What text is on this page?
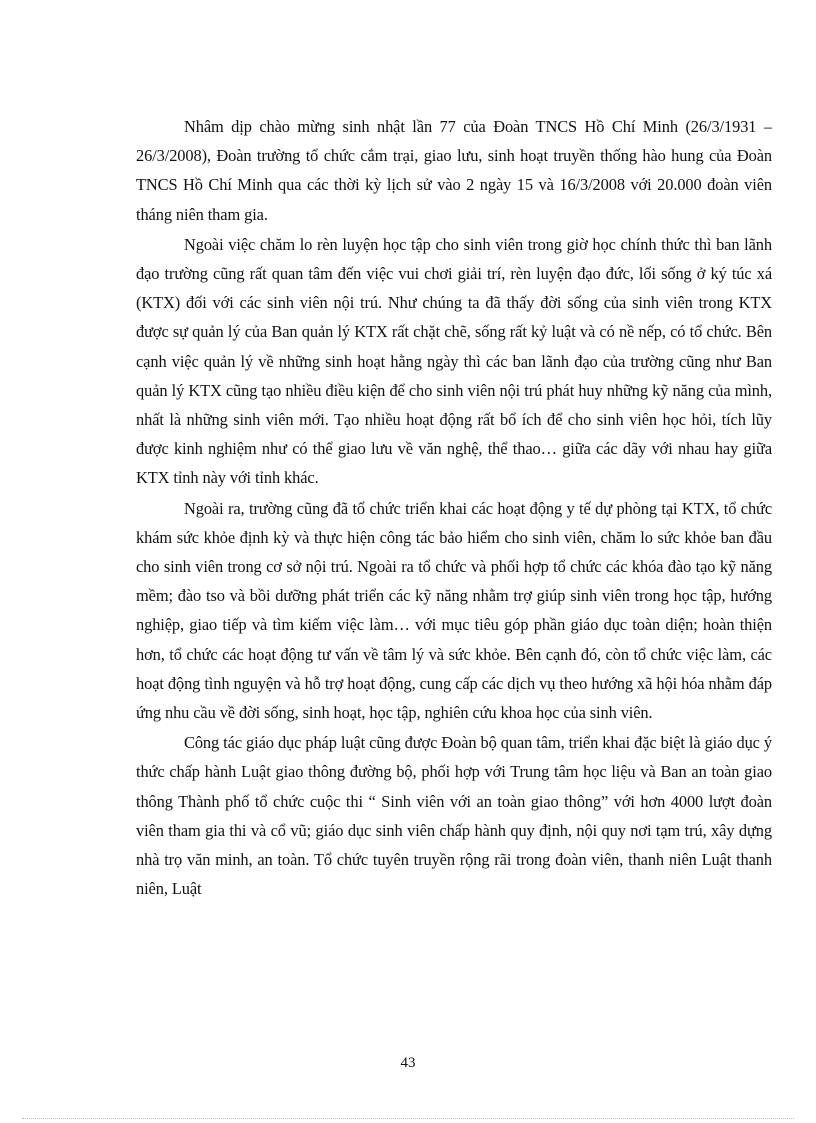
Nhâm dịp chào mừng sinh nhật lần 77 của Đoàn TNCS Hồ Chí Minh (26/3/1931 – 26/3/2008), Đoàn trường tổ chức cắm trại, giao lưu, sinh hoạt truyền thống hào hung của Đoàn TNCS Hồ Chí Minh qua các thời kỳ lịch sử vào 2 ngày 15 và 16/3/2008 với 20.000 đoàn viên tháng niên tham gia.

Ngoài việc chăm lo rèn luyện học tập cho sinh viên trong giờ học chính thức thì ban lãnh đạo trường cũng rất quan tâm đến việc vui chơi giải trí, rèn luyện đạo đức, lối sống ở ký túc xá (KTX) đối với các sinh viên nội trú. Như chúng ta đã thấy đời sống của sinh viên trong KTX được sự quản lý của Ban quản lý KTX rất chặt chẽ, sống rất kỷ luật và có nề nếp, có tổ chức. Bên cạnh việc quản lý về những sinh hoạt hằng ngày thì các ban lãnh đạo của trường cũng như Ban quản lý KTX cũng tạo nhiều điều kiện để cho sinh viên nội trú phát huy những kỹ năng của mình, nhất là những sinh viên mới. Tạo nhiều hoạt động rất bổ ích để cho sinh viên học hỏi, tích lũy được kinh nghiệm như có thể giao lưu về văn nghệ, thể thao… giữa các dãy với nhau hay giữa KTX tỉnh này với tỉnh khác.

Ngoài ra, trường cũng đã tổ chức triển khai các hoạt động y tế dự phòng tại KTX, tổ chức khám sức khỏe định kỳ và thực hiện công tác bảo hiểm cho sinh viên, chăm lo sức khỏe ban đầu cho sinh viên trong cơ sở nội trú. Ngoài ra tổ chức và phối hợp tổ chức các khóa đào tạo kỹ năng mềm; đào tso và bồi dưỡng phát triển các kỹ năng nhằm trợ giúp sinh viên trong học tập, hướng nghiệp, giao tiếp và tìm kiếm việc làm… với mục tiêu góp phần giáo dục toàn diện; hoàn thiện hơn, tổ chức các hoạt động tư vấn về tâm lý và sức khỏe. Bên cạnh đó, còn tổ chức việc làm, các hoạt động tình nguyện và hỗ trợ hoạt động, cung cấp các dịch vụ theo hướng xã hội hóa nhằm đáp ứng nhu cầu về đời sống, sinh hoạt, học tập, nghiên cứu khoa học của sinh viên.

Công tác giáo dục pháp luật cũng được Đoàn bộ quan tâm, triển khai đặc biệt là giáo dục ý thức chấp hành Luật giao thông đường bộ, phối hợp với Trung tâm học liệu và Ban an toàn giao thông Thành phố tổ chức cuộc thi “ Sinh viên với an toàn giao thông” với hơn 4000 lượt đoàn viên tham gia thi và cổ vũ; giáo dục sinh viên chấp hành quy định, nội quy nơi tạm trú, xây dựng nhà trọ văn minh, an toàn. Tổ chức tuyên truyền rộng rãi trong đoàn viên, thanh niên Luật thanh niên, Luật

43
